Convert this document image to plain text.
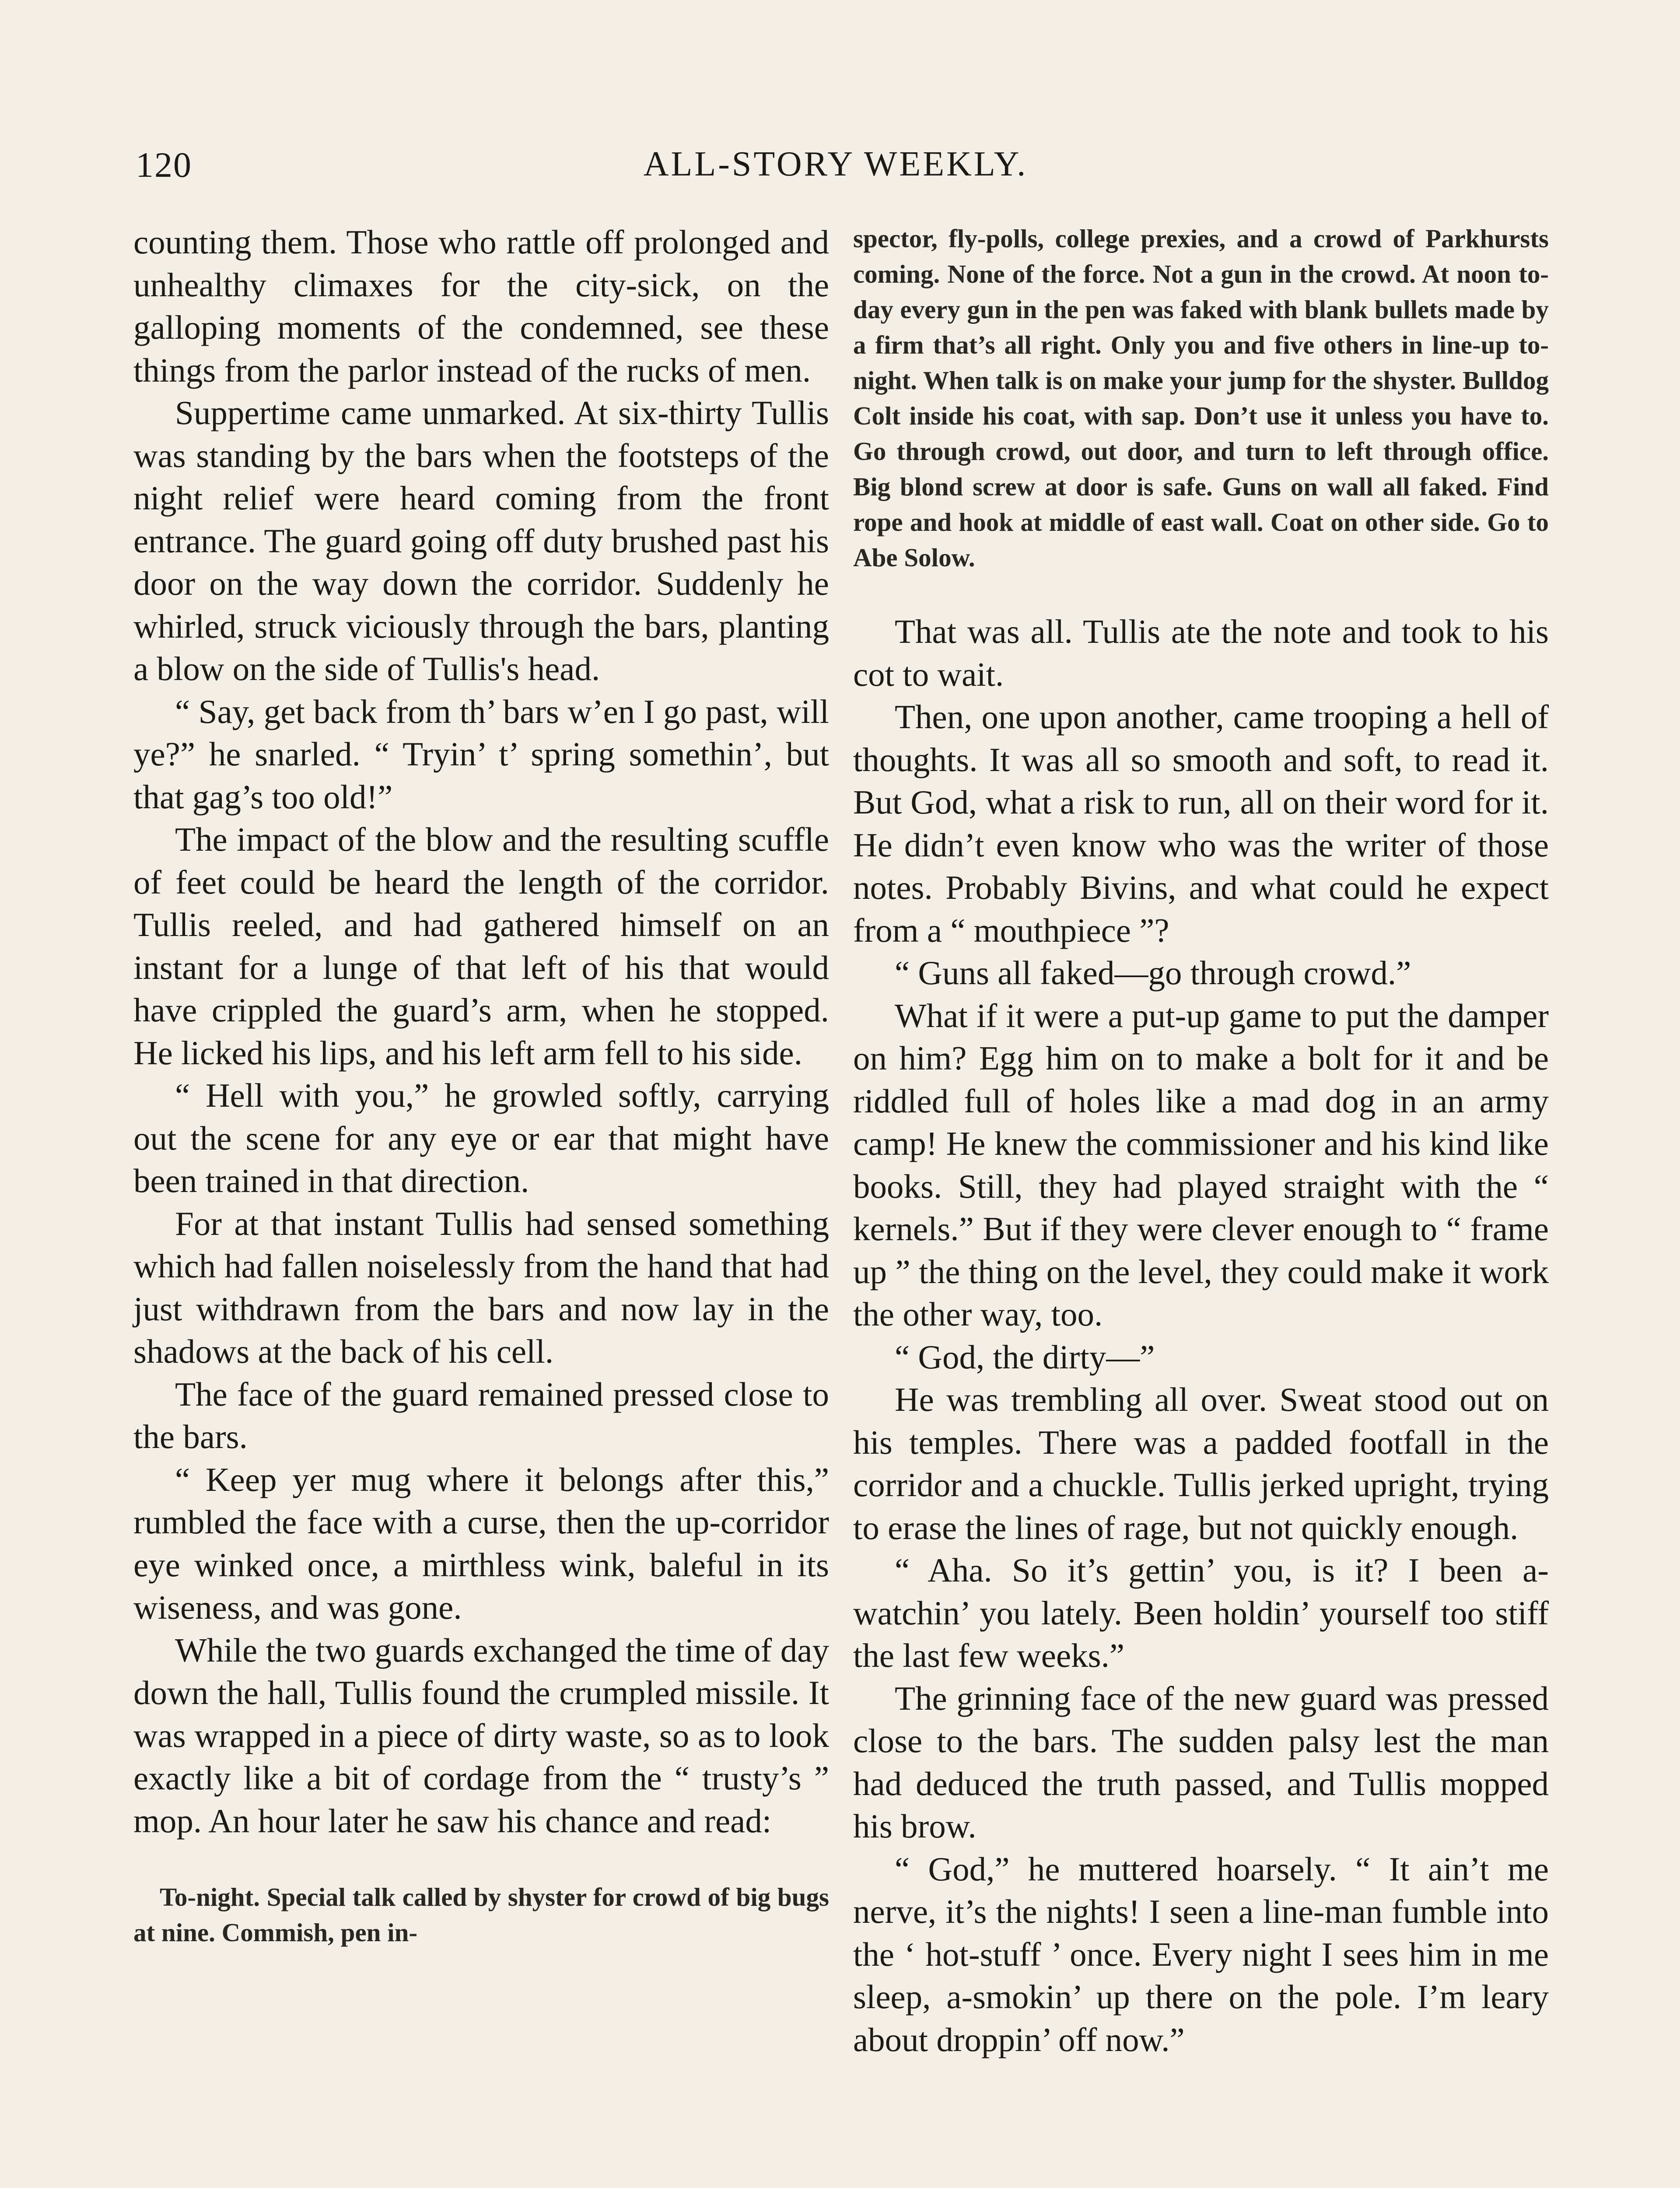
120	ALL-STORY WEEKLY.

counting them. Those who rattle off prolonged and unhealthy climaxes for the city-sick, on the galloping moments of the condemned, see these things from the parlor instead of the rucks of men.

Suppertime came unmarked. At six-thirty Tullis was standing by the bars when the footsteps of the night relief were heard coming from the front entrance. The guard going off duty brushed past his door on the way down the corridor. Suddenly he whirled, struck viciously through the bars, planting a blow on the side of Tullis's head.

“ Say, get back from th’ bars w’en I go past, will ye?” he snarled. “ Tryin’ t’ spring somethin’, but that gag’s too old!”

The impact of the blow and the resulting scuffle of feet could be heard the length of the corridor. Tullis reeled, and had gathered himself on an instant for a lunge of that left of his that would have crippled the guard’s arm, when he stopped. He licked his lips, and his left arm fell to his side.

“ Hell with you,” he growled softly, carrying out the scene for any eye or ear that might have been trained in that direction.

For at that instant Tullis had sensed something which had fallen noiselessly from the hand that had just withdrawn from the bars and now lay in the shadows at the back of his cell.

The face of the guard remained pressed close to the bars.

“ Keep yer mug where it belongs after this,” rumbled the face with a curse, then the up-corridor eye winked once, a mirthless wink, baleful in its wiseness, and was gone.

While the two guards exchanged the time of day down the hall, Tullis found the crumpled missile. It was wrapped in a piece of dirty waste, so as to look exactly like a bit of cordage from the “ trusty’s ” mop. An hour later he saw his chance and read:

To-night. Special talk called by shyster for crowd of big bugs at nine. Commish, pen in-

spector, fly-polls, college prexies, and a crowd of Parkhursts coming. None of the force. Not a gun in the crowd. At noon to-day every gun in the pen was faked with blank bullets made by a firm that’s all right. Only you and five others in line-up to-night. When talk is on make your jump for the shyster. Bulldog Colt inside his coat, with sap. Don’t use it unless you have to. Go through crowd, out door, and turn to left through office. Big blond screw at door is safe. Guns on wall all faked. Find rope and hook at middle of east wall. Coat on other side. Go to Abe Solow.

That was all. Tullis ate the note and took to his cot to wait.

Then, one upon another, came trooping a hell of thoughts. It was all so smooth and soft, to read it. But God, what a risk to run, all on their word for it. He didn’t even know who was the writer of those notes. Probably Bivins, and what could he expect from a “ mouthpiece ”?

“ Guns all faked—go through crowd.”

What if it were a put-up game to put the damper on him? Egg him on to make a bolt for it and be riddled full of holes like a mad dog in an army camp! He knew the commissioner and his kind like books. Still, they had played straight with the “ kernels.” But if they were clever enough to “ frame up ” the thing on the level, they could make it work the other way, too.

“ God, the dirty—”

He was trembling all over. Sweat stood out on his temples. There was a padded footfall in the corridor and a chuckle. Tullis jerked upright, trying to erase the lines of rage, but not quickly enough.

“ Aha. So it’s gettin’ you, is it? I been a-watchin’ you lately. Been holdin’ yourself too stiff the last few weeks.”

The grinning face of the new guard was pressed close to the bars. The sudden palsy lest the man had deduced the truth passed, and Tullis mopped his brow.

“ God,” he muttered hoarsely. “ It ain’t me nerve, it’s the nights! I seen a line-man fumble into the ‘ hot-stuff ’ once. Every night I sees him in me sleep, a-smokin’ up there on the pole. I’m leary about droppin’ off now.”
